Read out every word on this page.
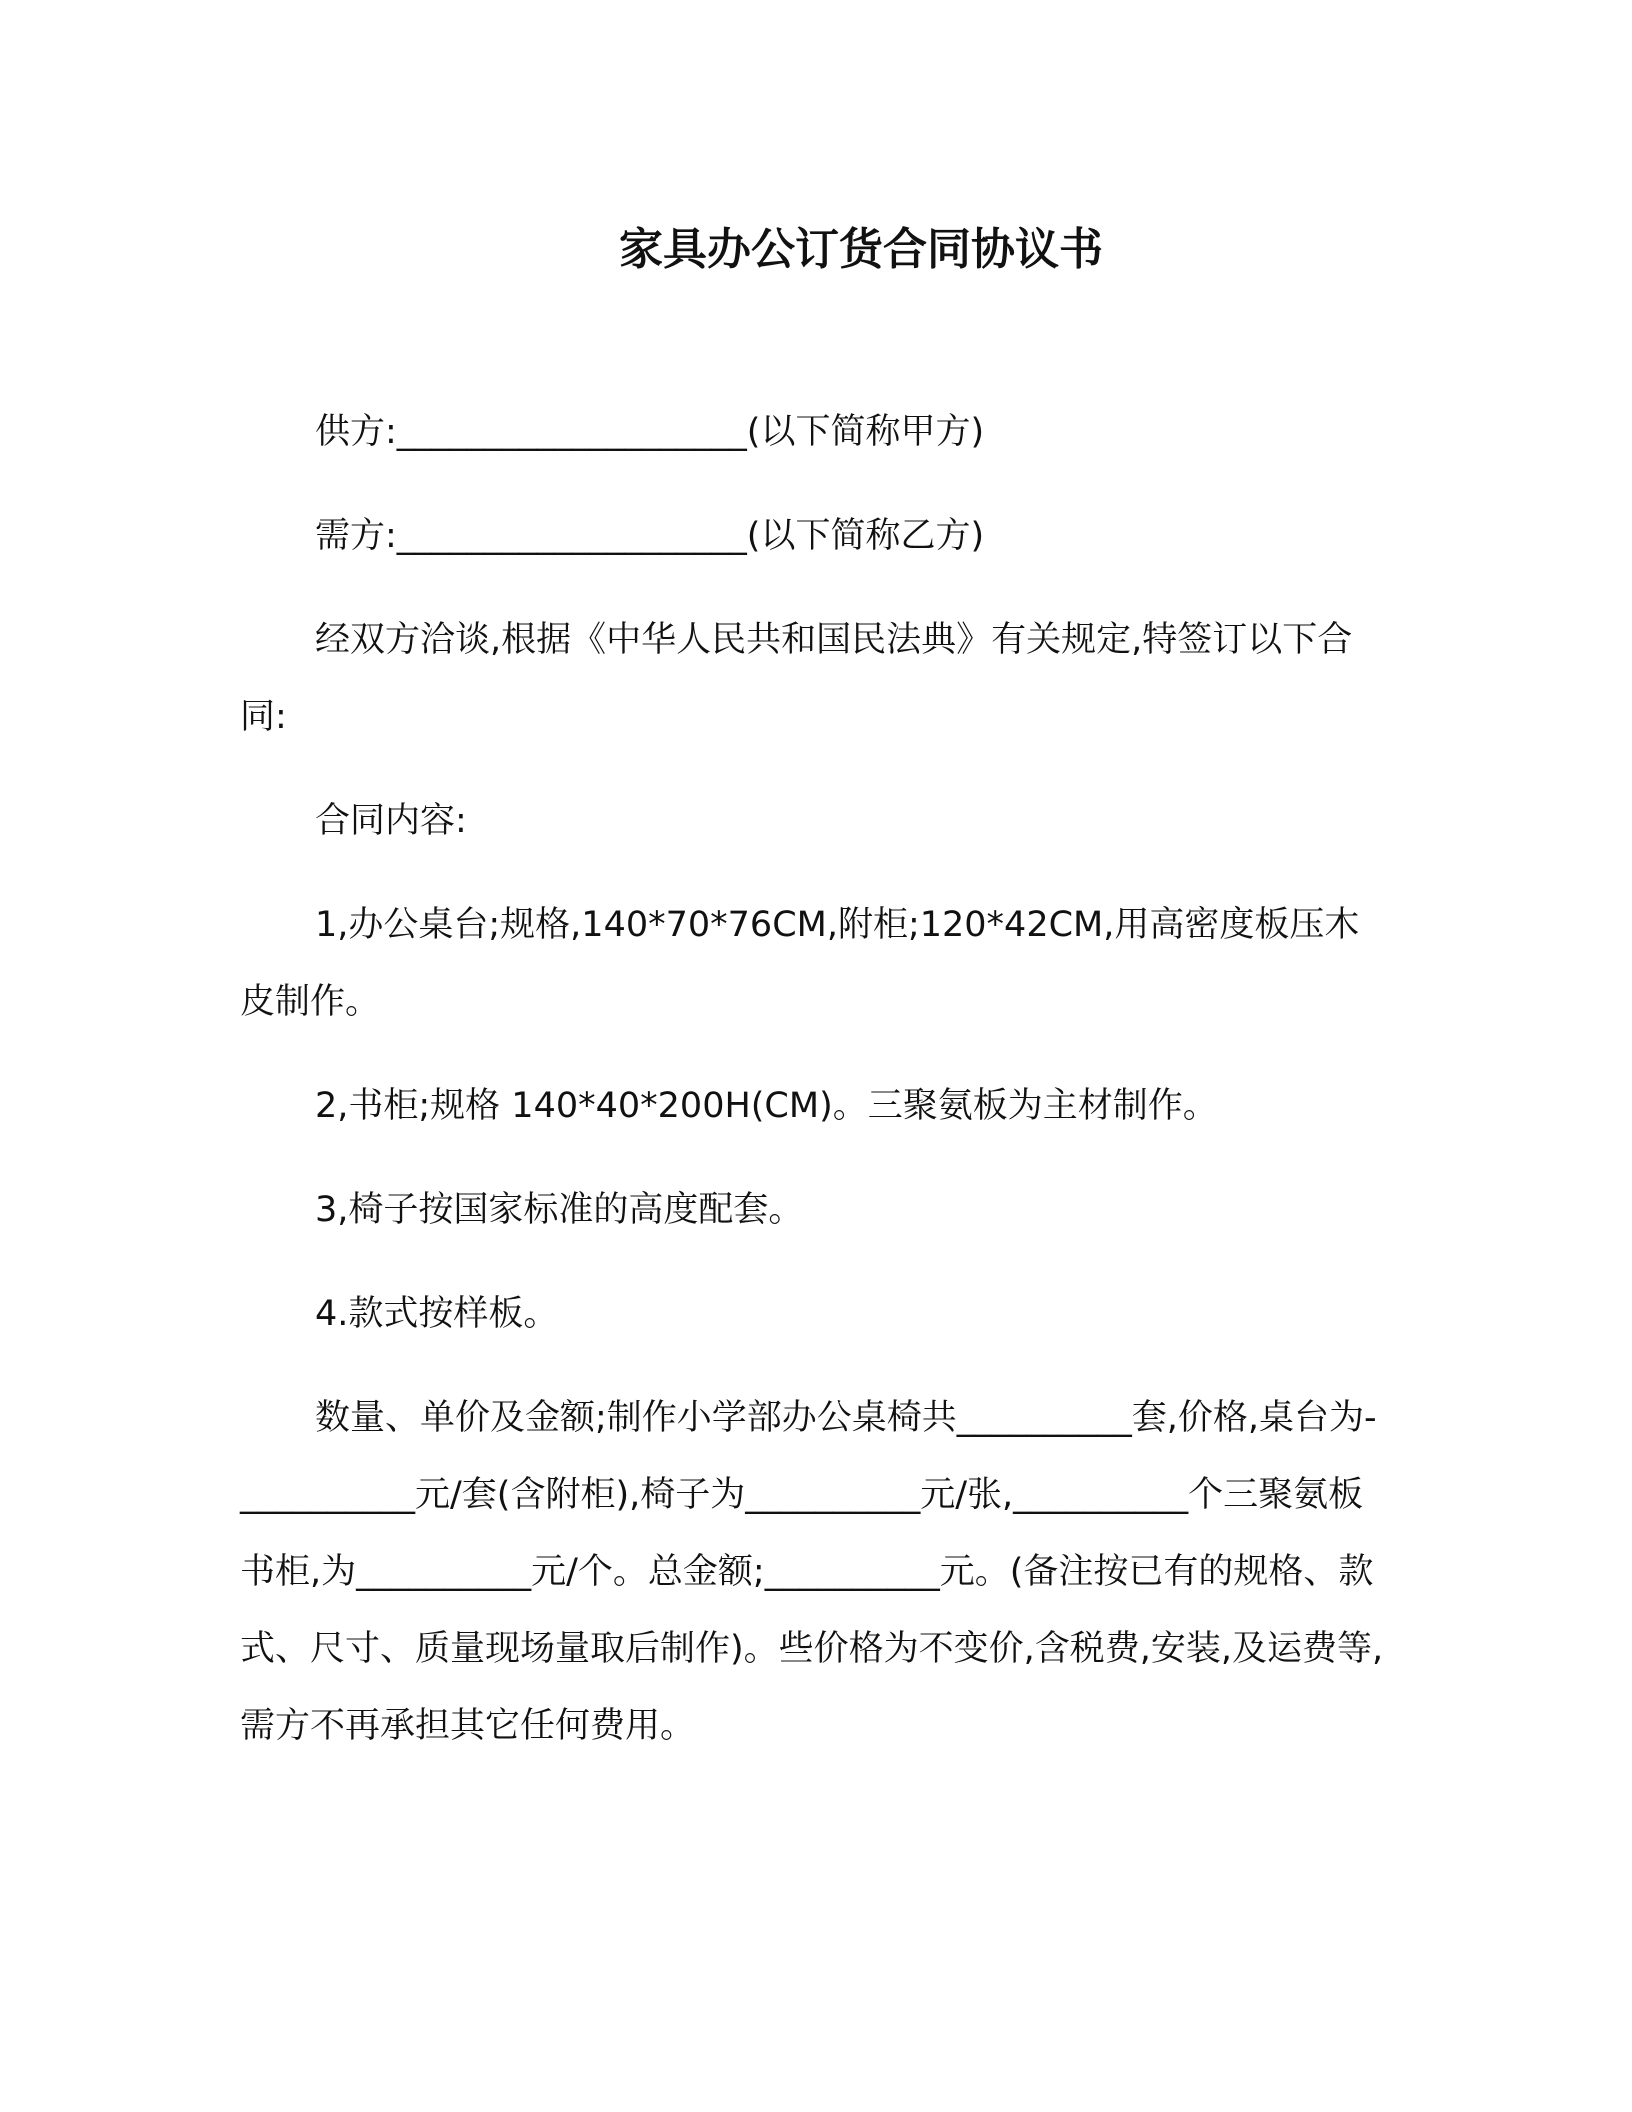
家具办公订货合同协议书

供方:____________________(以下简称甲方)

需方:____________________(以下简称乙方)

经双方洽谈,根据《中华人民共和国民法典》有关规定,特签订以下合同:

合同内容:

1,办公桌台;规格,140*70*76CM,附柜;120*42CM,用高密度板压木皮制作。

2,书柜;规格 140*40*200H(CM)。三聚氨板为主材制作。

3,椅子按国家标准的高度配套。

4.款式按样板。

数量、单价及金额;制作小学部办公桌椅共__________套,价格,桌台为-__________元/套(含附柜),椅子为__________元/张,__________个三聚氨板书柜,为__________元/个。总金额;__________元。(备注按已有的规格、款式、尺寸、质量现场量取后制作)。些价格为不变价,含税费,安装,及运费等,需方不再承担其它任何费用。
